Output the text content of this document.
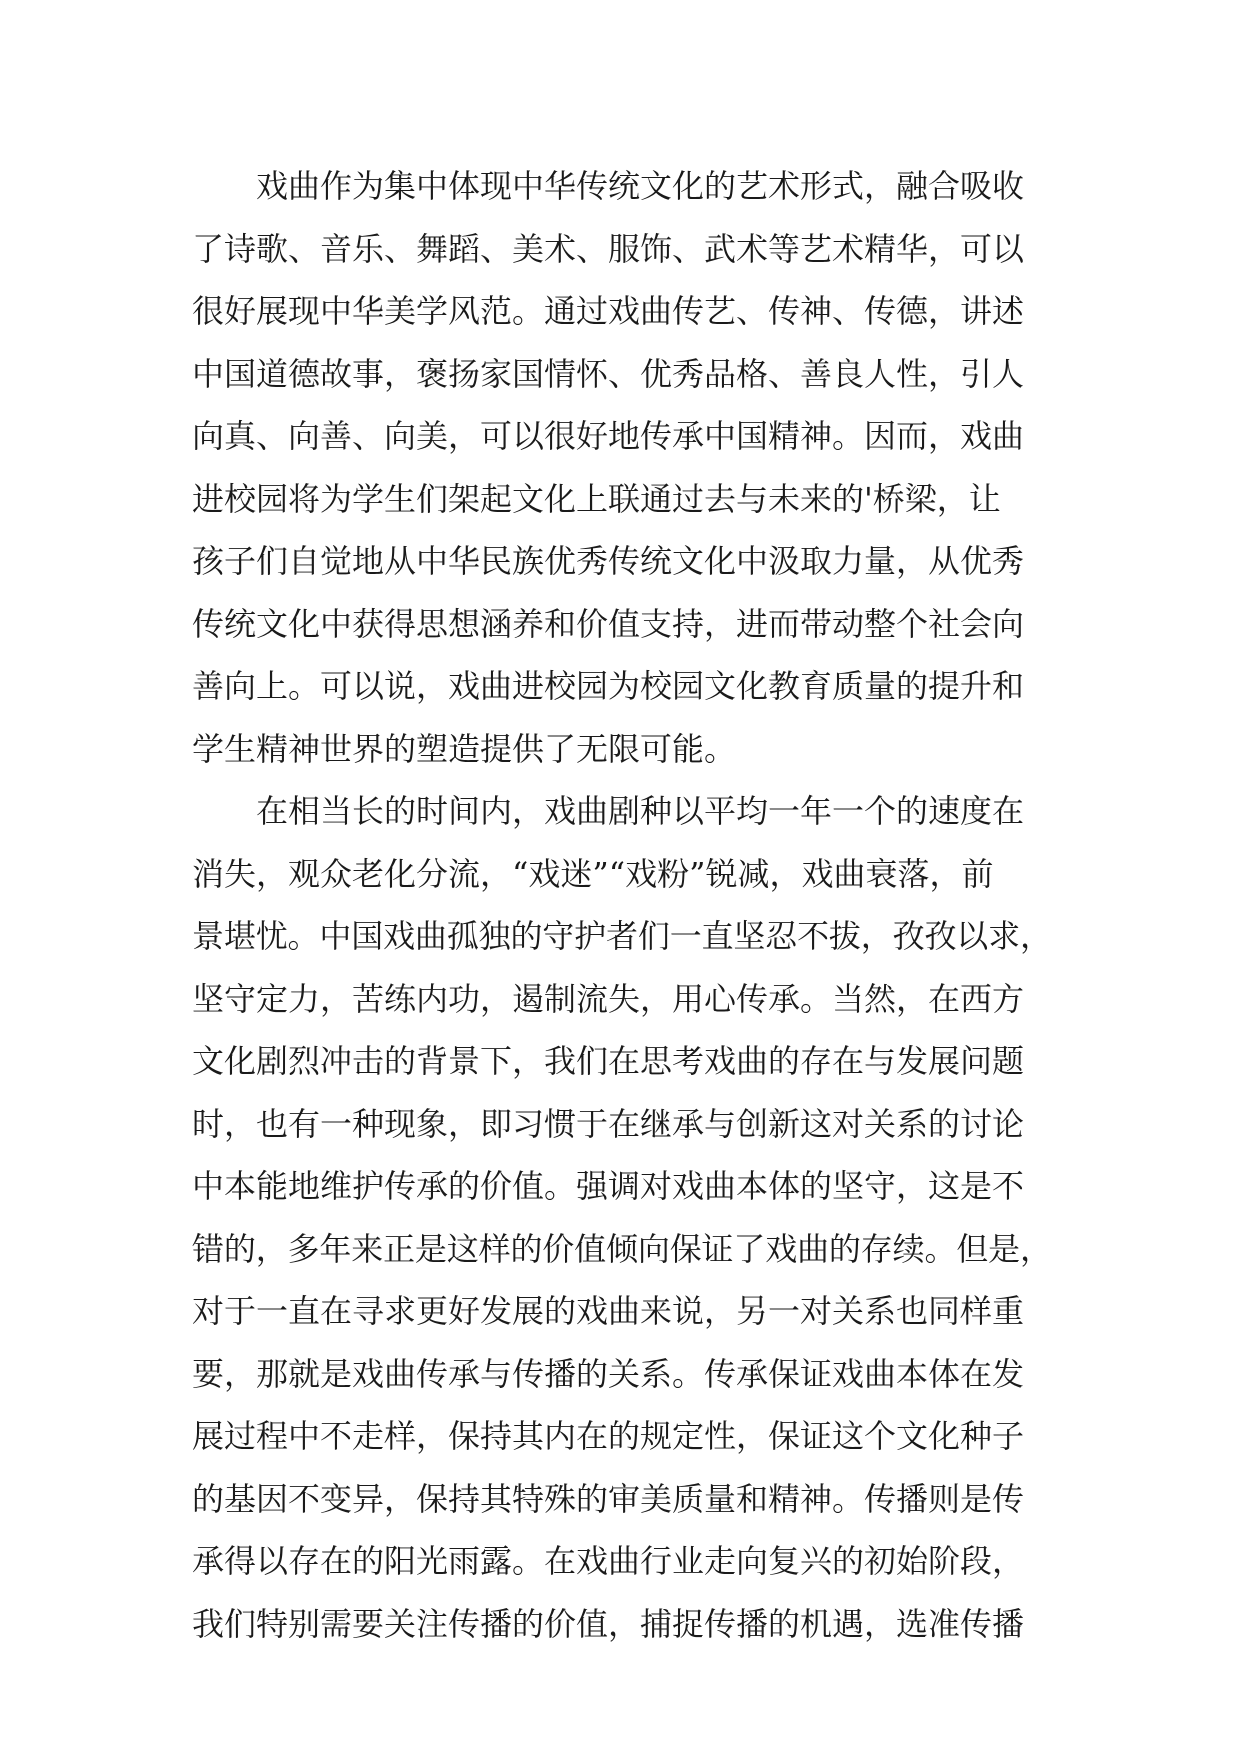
　　戏曲作为集中体现中华传统文化的艺术形式，融合吸收
了诗歌、音乐、舞蹈、美术、服饰、武术等艺术精华，可以
很好展现中华美学风范。通过戏曲传艺、传神、传德，讲述
中国道德故事，褒扬家国情怀、优秀品格、善良人性，引人
向真、向善、向美，可以很好地传承中国精神。因而，戏曲
进校园将为学生们架起文化上联通过去与未来的'桥梁，让
孩子们自觉地从中华民族优秀传统文化中汲取力量，从优秀
传统文化中获得思想涵养和价值支持，进而带动整个社会向
善向上。可以说，戏曲进校园为校园文化教育质量的提升和
学生精神世界的塑造提供了无限可能。
　　在相当长的时间内，戏曲剧种以平均一年一个的速度在
消失，观众老化分流，“戏迷”“戏粉”锐减，戏曲衰落，前
景堪忧。中国戏曲孤独的守护者们一直坚忍不拔，孜孜以求，
坚守定力，苦练内功，遏制流失，用心传承。当然，在西方
文化剧烈冲击的背景下，我们在思考戏曲的存在与发展问题
时，也有一种现象，即习惯于在继承与创新这对关系的讨论
中本能地维护传承的价值。强调对戏曲本体的坚守，这是不
错的，多年来正是这样的价值倾向保证了戏曲的存续。但是，
对于一直在寻求更好发展的戏曲来说，另一对关系也同样重
要，那就是戏曲传承与传播的关系。传承保证戏曲本体在发
展过程中不走样，保持其内在的规定性，保证这个文化种子
的基因不变异，保持其特殊的审美质量和精神。传播则是传
承得以存在的阳光雨露。在戏曲行业走向复兴的初始阶段，
我们特别需要关注传播的价值，捕捉传播的机遇，选准传播
